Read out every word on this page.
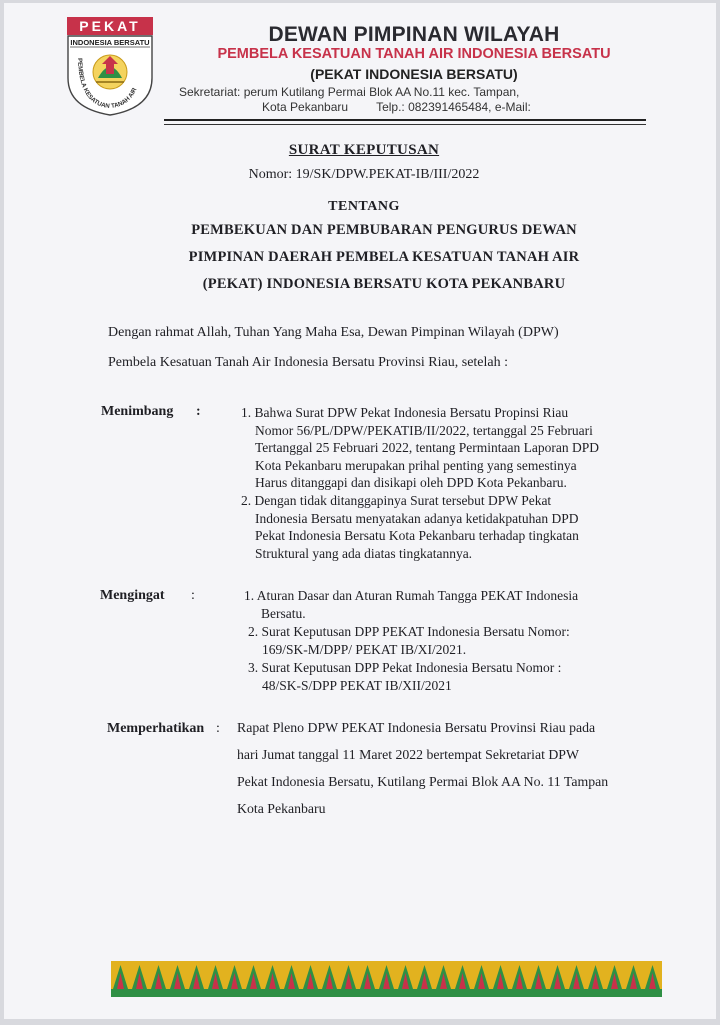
PEKAT
INDONESIA BERSATU
PEMBELA KESATUAN TANAH AIR
DEWAN PIMPINAN WILAYAH
PEMBELA KESATUAN TANAH AIR INDONESIA BERSATU
(PEKAT INDONESIA BERSATU)
Sekretariat: perum Kutilang Permai Blok AA No.11 kec. Tampan,
Kota Pekanbaru Telp.: 082391465484, e-Mail:
SURAT KEPUTUSAN
Nomor: 19/SK/DPW.PEKAT-IB/III/2022
TENTANG
PEMBEKUAN DAN PEMBUBARAN PENGURUS DEWAN
PIMPINAN DAERAH PEMBELA KESATUAN TANAH AIR
(PEKAT) INDONESIA BERSATU KOTA PEKANBARU
Dengan rahmat Allah, Tuhan Yang Maha Esa, Dewan Pimpinan Wilayah (DPW)
Pembela Kesatuan Tanah Air Indonesia Bersatu Provinsi Riau, setelah :
Menimbang :	1. Bahwa Surat DPW Pekat Indonesia Bersatu Propinsi Riau
Nomor 56/PL/DPW/PEKATIB/II/2022, tertanggal 25 Februari
Tertanggal 25 Februari 2022, tentang Permintaan Laporan DPD
Kota Pekanbaru merupakan prihal penting yang semestinya
Harus ditanggapi dan disikapi oleh DPD Kota Pekanbaru.
2. Dengan tidak ditanggapinya Surat tersebut DPW Pekat
Indonesia Bersatu menyatakan adanya ketidakpatuhan DPD
Pekat Indonesia Bersatu Kota Pekanbaru terhadap tingkatan
Struktural yang ada diatas tingkatannya.
Mengingat :	1. Aturan Dasar dan Aturan Rumah Tangga PEKAT Indonesia
Bersatu.
2. Surat Keputusan DPP PEKAT Indonesia Bersatu Nomor:
169/SK-M/DPP/ PEKAT IB/XI/2021.
3. Surat Keputusan DPP Pekat Indonesia Bersatu Nomor :
48/SK-S/DPP PEKAT IB/XII/2021
Memperhatikan : Rapat Pleno DPW PEKAT Indonesia Bersatu Provinsi Riau pada
hari Jumat tanggal 11 Maret 2022 bertempat Sekretariat DPW
Pekat Indonesia Bersatu, Kutilang Permai Blok AA No. 11 Tampan
Kota Pekanbaru
